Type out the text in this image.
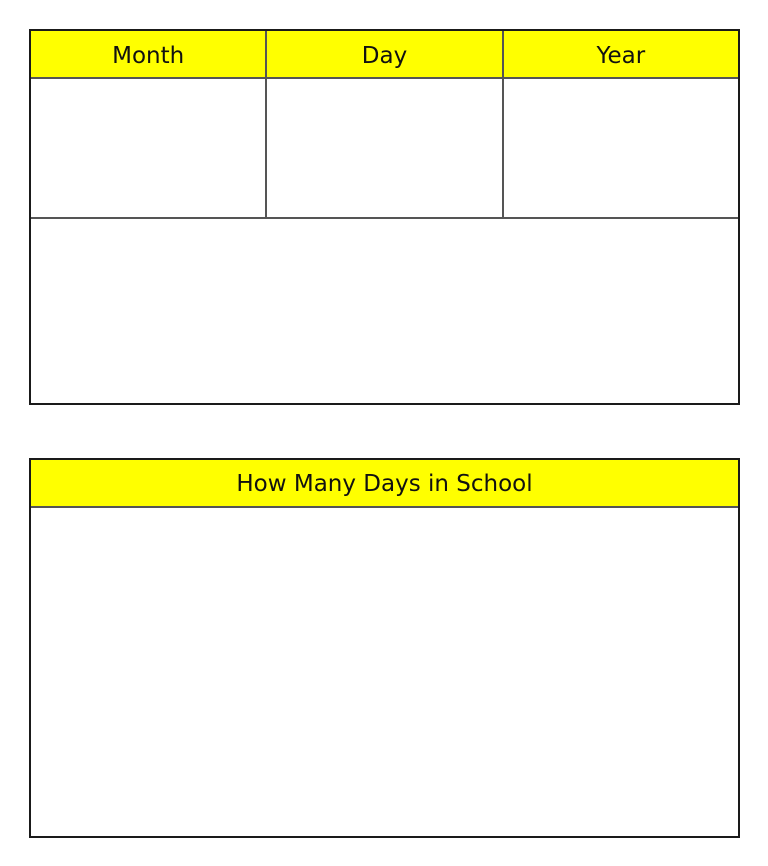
Month	Day	Year
How Many Days in School
